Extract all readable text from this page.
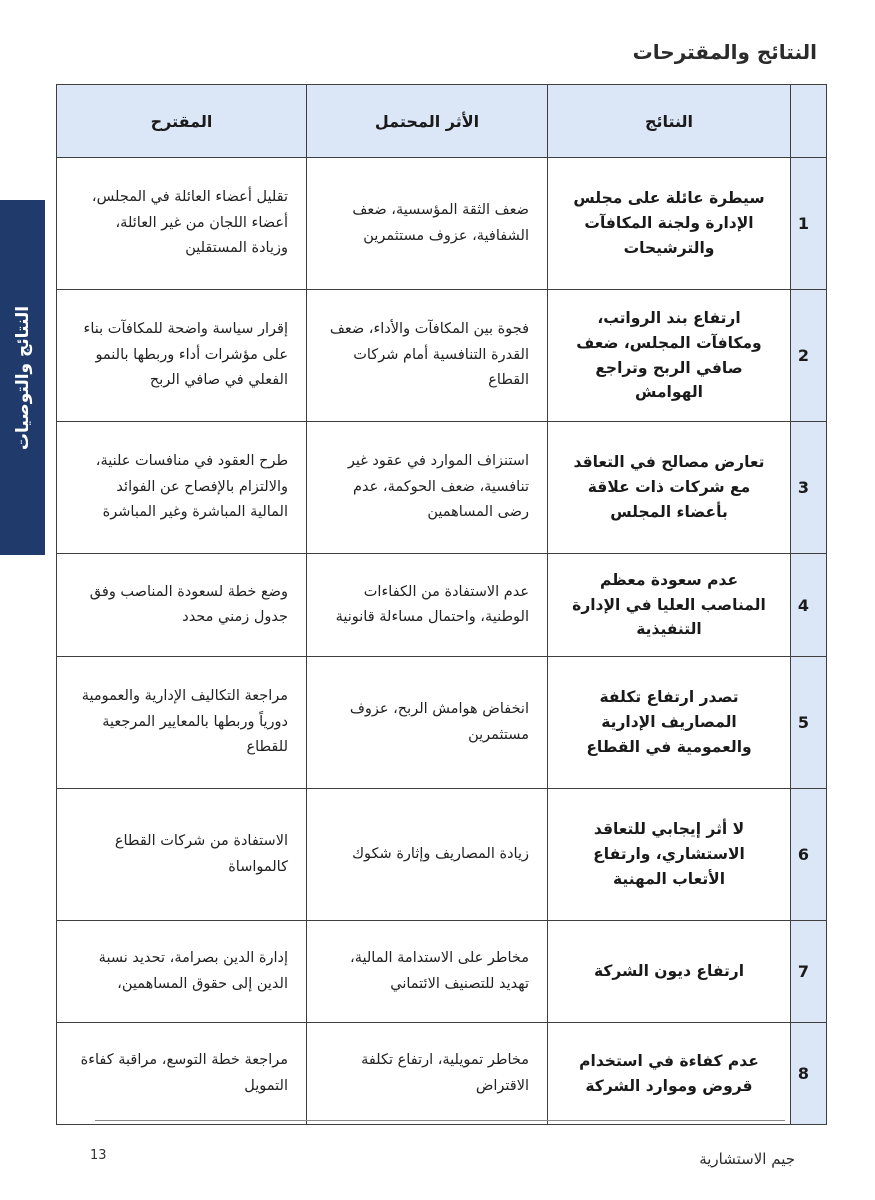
النتائج والمقترحات
النتائج والتوصيات
	النتائج	الأثر المحتمل	المقترح
1	سيطرة عائلة على مجلس الإدارة ولجنة المكافآت والترشيحات	ضعف الثقة المؤسسية، ضعف الشفافية، عزوف مستثمرين	تقليل أعضاء العائلة في المجلس، أعضاء اللجان من غير العائلة، وزيادة المستقلين
2	ارتفاع بند الرواتب، ومكافآت المجلس، ضعف صافي الربح وتراجع الهوامش	فجوة بين المكافآت والأداء، ضعف القدرة التنافسية أمام شركات القطاع	إقرار سياسة واضحة للمكافآت بناء على مؤشرات أداء وربطها بالنمو الفعلي في صافي الربح
3	تعارض مصالح في التعاقد مع شركات ذات علاقة بأعضاء المجلس	استنزاف الموارد في عقود غير تنافسية، ضعف الحوكمة، عدم رضى المساهمين	طرح العقود في منافسات علنية، والالتزام بالإفصاح عن الفوائد المالية المباشرة وغير المباشرة
4	عدم سعودة معظم المناصب العليا في الإدارة التنفيذية	عدم الاستفادة من الكفاءات الوطنية، واحتمال مساءلة قانونية	وضع خطة لسعودة المناصب وفق جدول زمني محدد
5	تصدر ارتفاع تكلفة المصاريف الإدارية والعمومية في القطاع	انخفاض هوامش الربح، عزوف مستثمرين	مراجعة التكاليف الإدارية والعمومية دورياً وربطها بالمعايير المرجعية للقطاع
6	لا أثر إيجابي للتعاقد الاستشاري، وارتفاع الأتعاب المهنية	زيادة المصاريف وإثارة شكوك	الاستفادة من شركات القطاع كالمواساة
7	ارتفاع ديون الشركة	مخاطر على الاستدامة المالية، تهديد للتصنيف الائتماني	إدارة الدين بصرامة، تحديد نسبة الدين إلى حقوق المساهمين،
8	عدم كفاءة في استخدام قروض وموارد الشركة	مخاطر تمويلية، ارتفاع تكلفة الاقتراض	مراجعة خطة التوسع، مراقبة كفاءة التمويل
13	جيم الاستشارية
